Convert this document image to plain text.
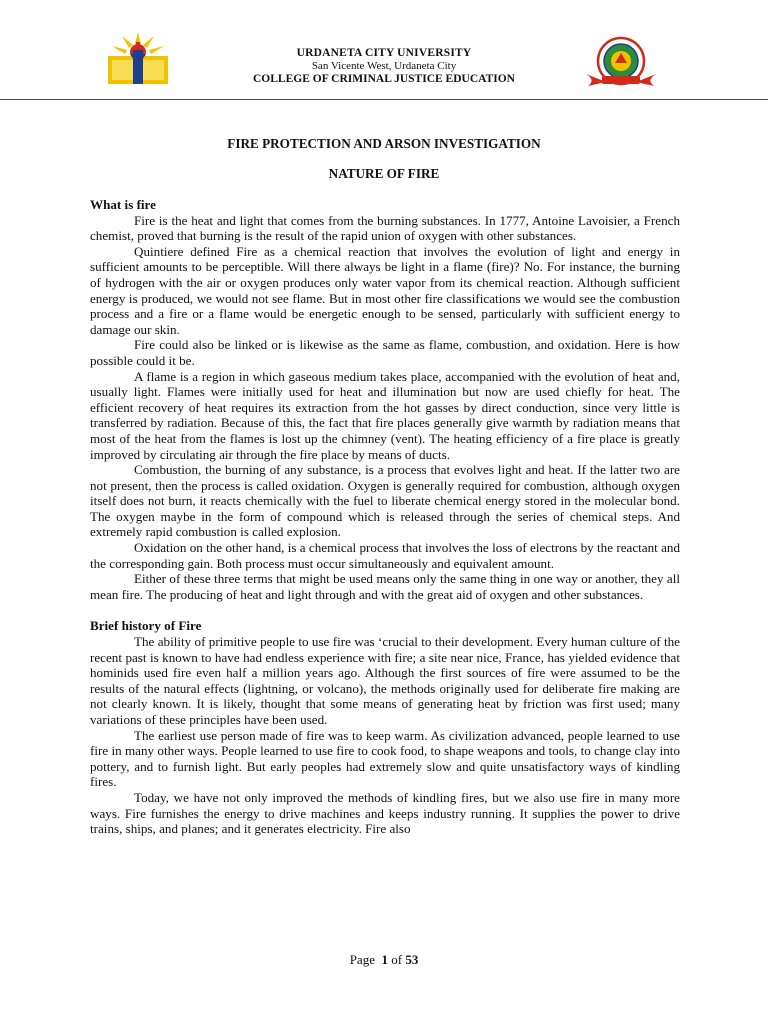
URDANETA CITY UNIVERSITY
San Vicente West, Urdaneta City
COLLEGE OF CRIMINAL JUSTICE EDUCATION
FIRE PROTECTION AND ARSON INVESTIGATION
NATURE OF FIRE
What is fire

Fire is the heat and light that comes from the burning substances. In 1777, Antoine Lavoisier, a French chemist, proved that burning is the result of the rapid union of oxygen with other substances.

Quintiere defined Fire as a chemical reaction that involves the evolution of light and energy in sufficient amounts to be perceptible. Will there always be light in a flame (fire)? No. For instance, the burning of hydrogen with the air or oxygen produces only water vapor from its chemical reaction. Although sufficient energy is produced, we would not see flame. But in most other fire classifications we would see the combustion process and a fire or a flame would be energetic enough to be sensed, particularly with sufficient energy to damage our skin.

Fire could also be linked or is likewise as the same as flame, combustion, and oxidation. Here is how possible could it be.

A flame is a region in which gaseous medium takes place, accompanied with the evolution of heat and, usually light. Flames were initially used for heat and illumination but now are used chiefly for heat. The efficient recovery of heat requires its extraction from the hot gasses by direct conduction, since very little is transferred by radiation. Because of this, the fact that fire places generally give warmth by radiation means that most of the heat from the flames is lost up the chimney (vent). The heating efficiency of a fire place is greatly improved by circulating air through the fire place by means of ducts.

Combustion, the burning of any substance, is a process that evolves light and heat. If the latter two are not present, then the process is called oxidation. Oxygen is generally required for combustion, although oxygen itself does not burn, it reacts chemically with the fuel to liberate chemical energy stored in the molecular bond. The oxygen maybe in the form of compound which is released through the series of chemical steps. And extremely rapid combustion is called explosion.

Oxidation on the other hand, is a chemical process that involves the loss of electrons by the reactant and the corresponding gain. Both process must occur simultaneously and equivalent amount.

Either of these three terms that might be used means only the same thing in one way or another, they all mean fire. The producing of heat and light through and with the great aid of oxygen and other substances.

Brief history of Fire

The ability of primitive people to use fire was ‘crucial to their development. Every human culture of the recent past is known to have had endless experience with fire; a site near nice, France, has yielded evidence that hominids used fire even half a million years ago. Although the first sources of fire were assumed to be the results of the natural effects (lightning, or volcano), the methods originally used for deliberate fire making are not clearly known. It is likely, thought that some means of generating heat by friction was first used; many variations of these principles have been used.

The earliest use person made of fire was to keep warm. As civilization advanced, people learned to use fire in many other ways. People learned to use fire to cook food, to shape weapons and tools, to change clay into pottery, and to furnish light. But early peoples had extremely slow and quite unsatisfactory ways of kindling fires.

Today, we have not only improved the methods of kindling fires, but we also use fire in many more ways. Fire furnishes the energy to drive machines and keeps industry running. It supplies the power to drive trains, ships, and planes; and it generates electricity. Fire also

Page 1 of 53
